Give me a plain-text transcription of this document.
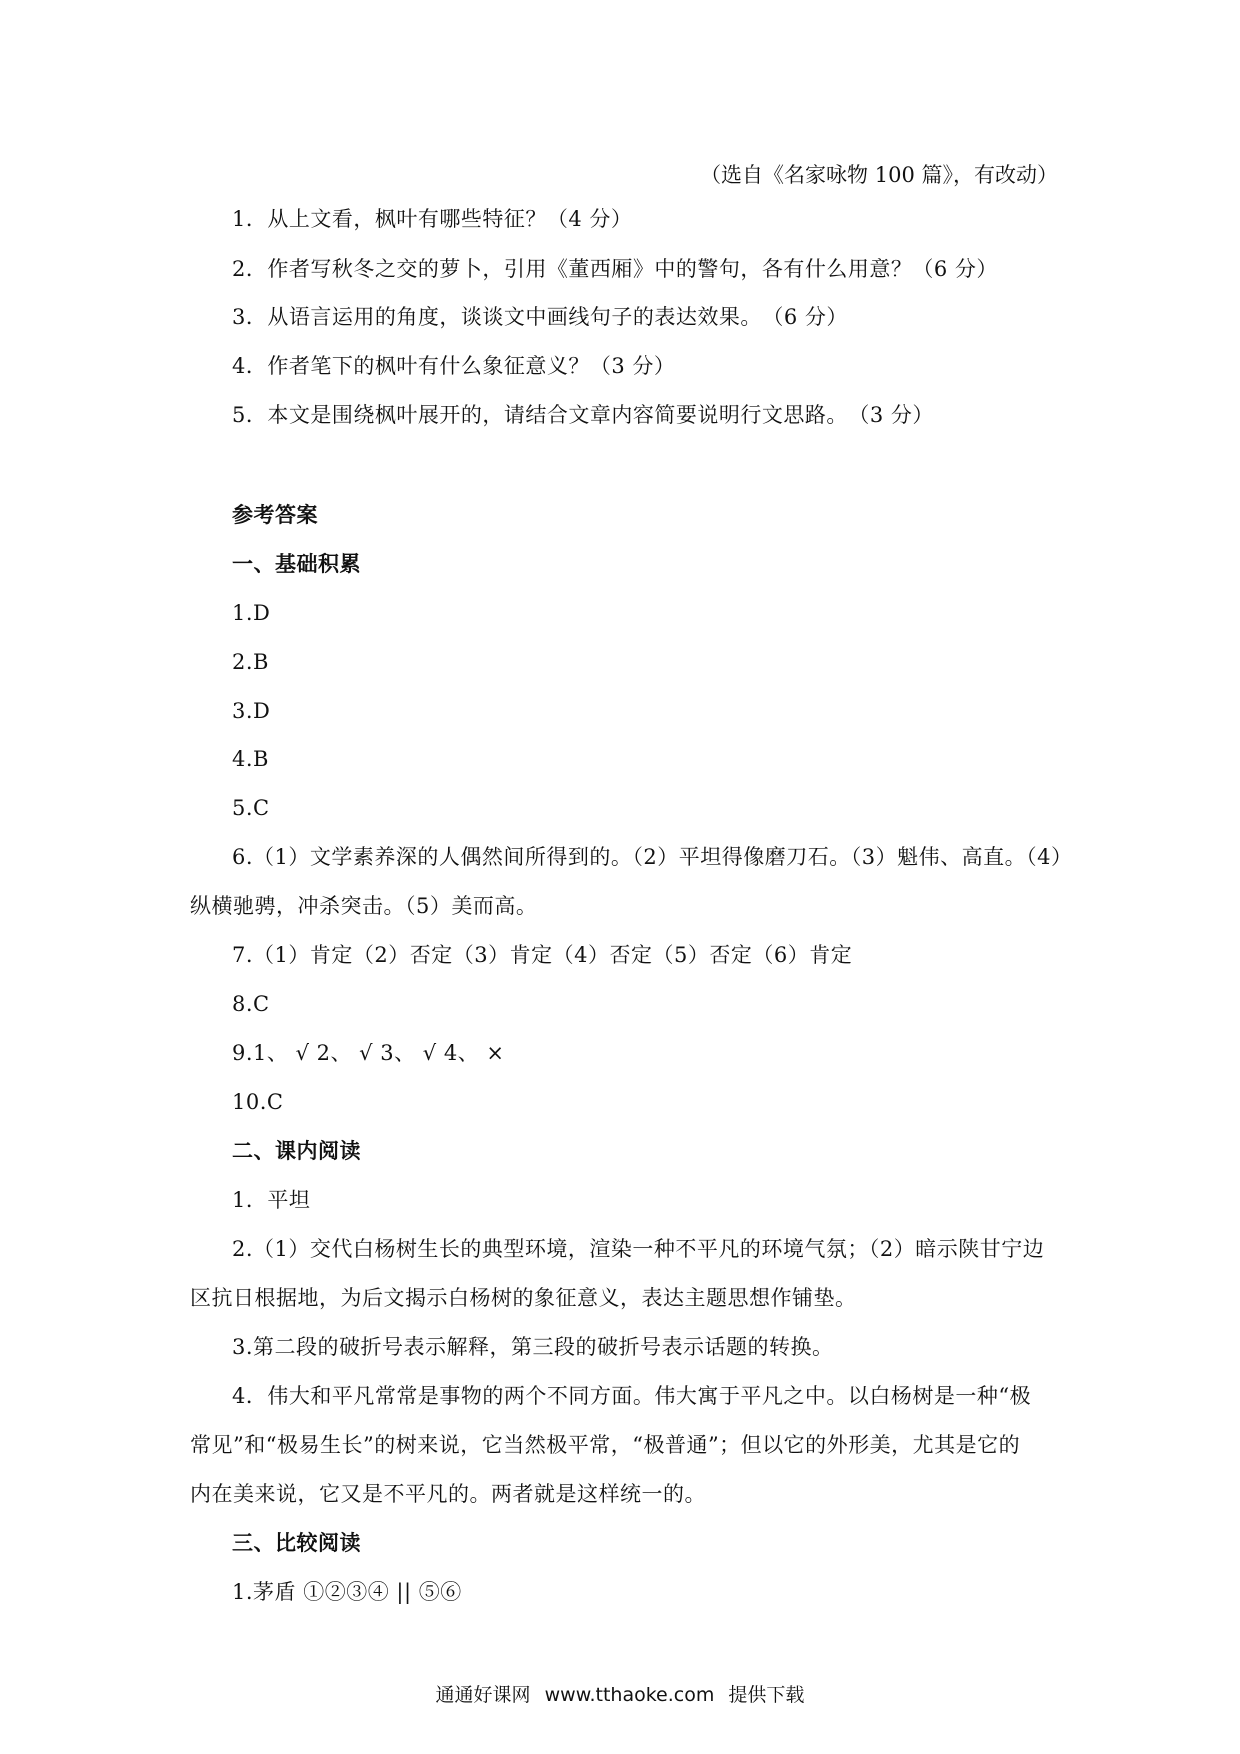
（选自《名家咏物 100 篇》，有改动）
1．从上文看，枫叶有哪些特征？（4 分）
2．作者写秋冬之交的萝卜，引用《董西厢》中的警句，各有什么用意？（6 分）
3．从语言运用的角度，谈谈文中画线句子的表达效果。　（6 分）
4．作者笔下的枫叶有什么象征意义？（3 分）
5．本文是围绕枫叶展开的，请结合文章内容简要说明行文思路。　（3 分）
参考答案
一、基础积累
1.D
2.B
3.D
4.B
5.C
6.（1）文学素养深的人偶然间所得到的。（2）平坦得像磨刀石。（3）魁伟、高直。（4）
纵横驰骋，冲杀突击。（5）美而高。
7.（1）肯定（2）否定（3）肯定（4）否定（5）否定（6）肯定
8.C
9.1、 √ 2、 √ 3、 √ 4、 ×
10.C
二、课内阅读
1．平坦
2.（1）交代白杨树生长的典型环境，渲染一种不平凡的环境气氛；（2）暗示陕甘宁边
区抗日根据地，为后文揭示白杨树的象征意义，表达主题思想作铺垫。
3.第二段的破折号表示解释，第三段的破折号表示话题的转换。
4．伟大和平凡常常是事物的两个不同方面。伟大寓于平凡之中。以白杨树是一种“极
常见”和“极易生长”的树来说，它当然极平常，“极普通”；但以它的外形美，尤其是它的
内在美来说，它又是不平凡的。两者就是这样统一的。
三、比较阅读
1.茅盾 ①②③④ || ⑤⑥
通通好课网 www.tthaoke.com 提供下载
